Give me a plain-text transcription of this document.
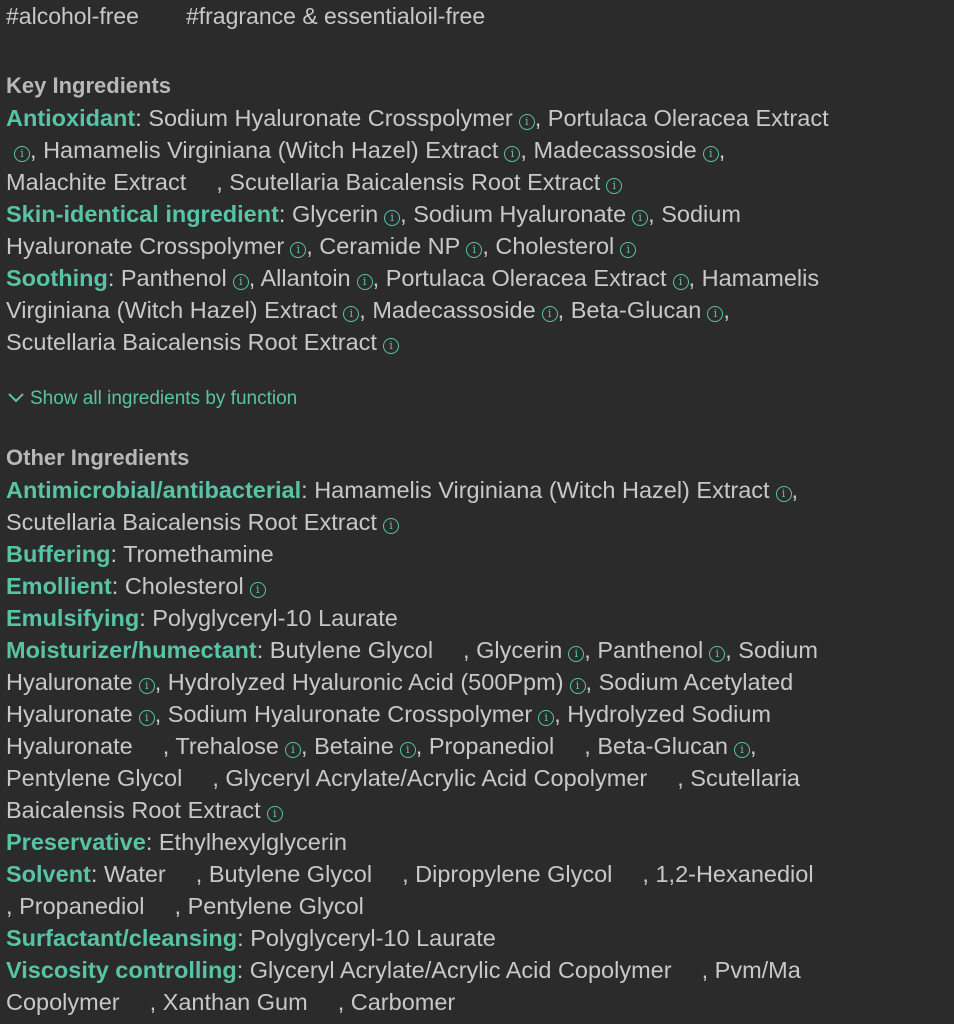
#alcohol-free #fragrance & essentialoil-free
Key Ingredients
Antioxidant: Sodium Hyaluronate Crosspolymer i , Portulaca Oleracea Extract
i , Hamamelis Virginiana (Witch Hazel) Extract i , Madecassoside i ,
Malachite Extract , Scutellaria Baicalensis Root Extract i
Skin-identical ingredient: Glycerin i , Sodium Hyaluronate i , Sodium
Hyaluronate Crosspolymer i , Ceramide NP i , Cholesterol i
Soothing: Panthenol i , Allantoin i , Portulaca Oleracea Extract i , Hamamelis
Virginiana (Witch Hazel) Extract i , Madecassoside i , Beta-Glucan i ,
Scutellaria Baicalensis Root Extract i
Show all ingredients by function
Other Ingredients
Antimicrobial/antibacterial: Hamamelis Virginiana (Witch Hazel) Extract i ,
Scutellaria Baicalensis Root Extract i
Buffering: Tromethamine
Emollient: Cholesterol i
Emulsifying: Polyglyceryl-10 Laurate
Moisturizer/humectant: Butylene Glycol , Glycerin i , Panthenol i , Sodium
Hyaluronate i , Hydrolyzed Hyaluronic Acid (500Ppm) i , Sodium Acetylated
Hyaluronate i , Sodium Hyaluronate Crosspolymer i , Hydrolyzed Sodium
Hyaluronate , Trehalose i , Betaine i , Propanediol , Beta-Glucan i ,
Pentylene Glycol , Glyceryl Acrylate/Acrylic Acid Copolymer , Scutellaria
Baicalensis Root Extract i
Preservative: Ethylhexylglycerin
Solvent: Water , Butylene Glycol , Dipropylene Glycol , 1,2-Hexanediol
, Propanediol , Pentylene Glycol
Surfactant/cleansing: Polyglyceryl-10 Laurate
Viscosity controlling: Glyceryl Acrylate/Acrylic Acid Copolymer , Pvm/Ma
Copolymer , Xanthan Gum , Carbomer
